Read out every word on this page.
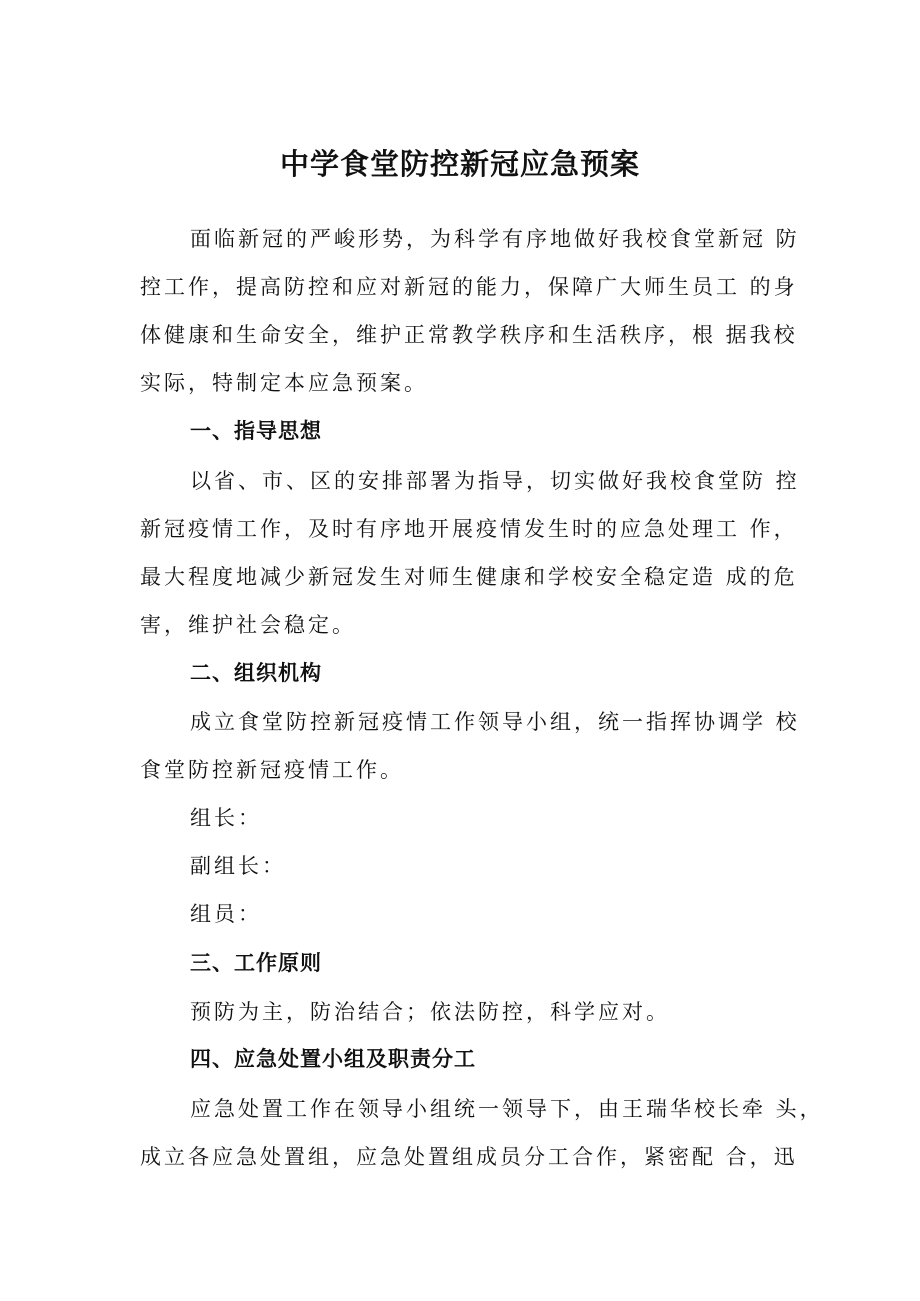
中学食堂防控新冠应急预案
面临新冠的严峻形势，为科学有序地做好我校食堂新冠 防
控工作，提高防控和应对新冠的能力，保障广大师生员工 的身
体健康和生命安全，维护正常教学秩序和生活秩序，根 据我校
实际，特制定本应急预案。
一、指导思想
以省、市、区的安排部署为指导，切实做好我校食堂防 控
新冠疫情工作，及时有序地开展疫情发生时的应急处理工 作，
最大程度地减少新冠发生对师生健康和学校安全稳定造 成的危
害，维护社会稳定。
二、组织机构
成立食堂防控新冠疫情工作领导小组，统一指挥协调学 校
食堂防控新冠疫情工作。
组长：
副组长：
组员：
三、工作原则
预防为主，防治结合；依法防控，科学应对。
四、应急处置小组及职责分工
应急处置工作在领导小组统一领导下，由王瑞华校长牵 头，
成立各应急处置组，应急处置组成员分工合作，紧密配 合，迅
